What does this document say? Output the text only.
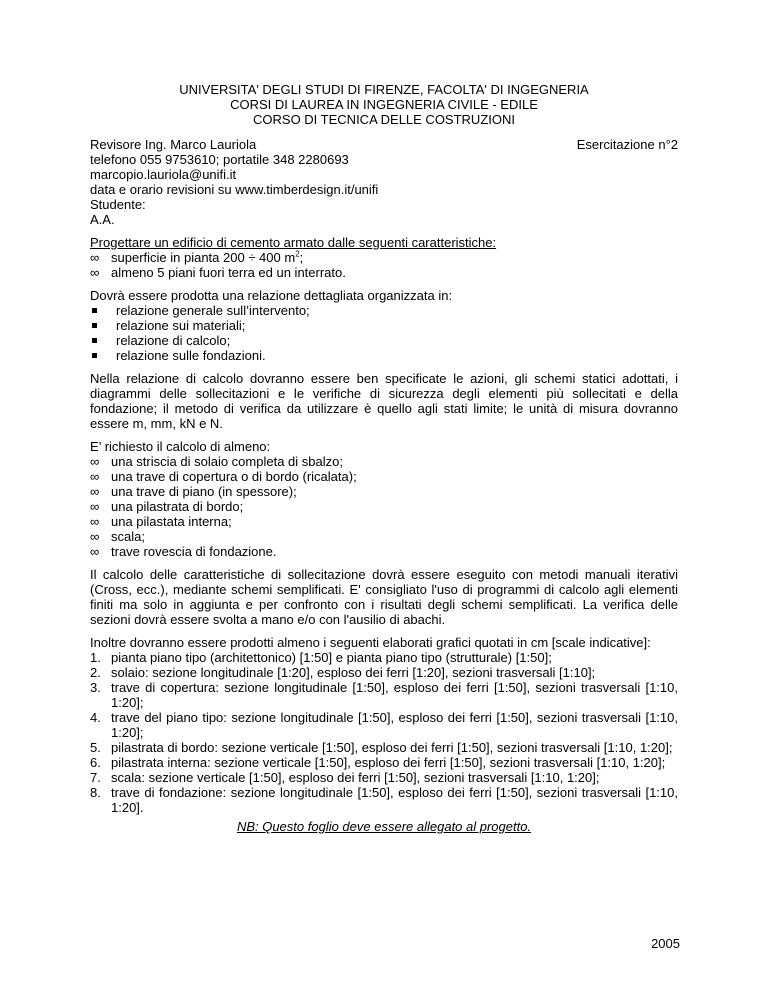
UNIVERSITA' DEGLI STUDI DI FIRENZE, FACOLTA' DI INGEGNERIA
CORSI DI LAUREA IN INGEGNERIA CIVILE - EDILE
CORSO DI TECNICA DELLE COSTRUZIONI
Esercitazione n°2
Revisore Ing. Marco Lauriola
telefono 055 9753610; portatile 348 2280693
marcopio.lauriola@unifi.it
data e orario revisioni su www.timberdesign.it/unifi
Studente:
A.A.
Progettare un edificio di cemento armato dalle seguenti caratteristiche:
∞ superficie in pianta 200 ÷ 400 $m^2$;
∞ almeno 5 piani fuori terra ed un interrato.
Dovrà essere prodotta una relazione dettagliata organizzata in:
relazione generale sull’intervento;
relazione sui materiali;
relazione di calcolo;
relazione sulle fondazioni.
Nella relazione di calcolo dovranno essere ben specificate le azioni, gli schemi statici adottati, i diagrammi delle sollecitazioni e le verifiche di sicurezza degli elementi più sollecitati e della fondazione; il metodo di verifica da utilizzare è quello agli stati limite; le unità di misura dovranno essere m, mm, kN e N.
E’ richiesto il calcolo di almeno:
∞ una striscia di solaio completa di sbalzo;
∞ una trave di copertura o di bordo (ricalata);
∞ una trave di piano (in spessore);
∞ una pilastrata di bordo;
∞ una pilastata interna;
∞ scala;
∞ trave rovescia di fondazione.
Il calcolo delle caratteristiche di sollecitazione dovrà essere eseguito con metodi manuali iterativi (Cross, ecc.), mediante schemi semplificati. E' consigliato l'uso di programmi di calcolo agli elementi finiti ma solo in aggiunta e per confronto con i risultati degli schemi semplificati. La verifica delle sezioni dovrà essere svolta a mano e/o con l'ausilio di abachi.
Inoltre dovranno essere prodotti almeno i seguenti elaborati grafici quotati in cm [scale indicative]:
1. pianta piano tipo (architettonico) [1:50] e pianta piano tipo (strutturale) [1:50];
2. solaio: sezione longitudinale [1:20], esploso dei ferri [1:20], sezioni trasversali [1:10];
3. trave di copertura: sezione longitudinale [1:50], esploso dei ferri [1:50], sezioni trasversali [1:10, 1:20];
4. trave del piano tipo: sezione longitudinale [1:50], esploso dei ferri [1:50], sezioni trasversali [1:10, 1:20];
5. pilastrata di bordo: sezione verticale [1:50], esploso dei ferri [1:50], sezioni trasversali [1:10, 1:20];
6. pilastrata interna: sezione verticale [1:50], esploso dei ferri [1:50], sezioni trasversali [1:10, 1:20];
7. scala: sezione verticale [1:50], esploso dei ferri [1:50], sezioni trasversali [1:10, 1:20];
8. trave di fondazione: sezione longitudinale [1:50], esploso dei ferri [1:50], sezioni trasversali [1:10, 1:20].
NB: Questo foglio deve essere allegato al progetto.
2005
